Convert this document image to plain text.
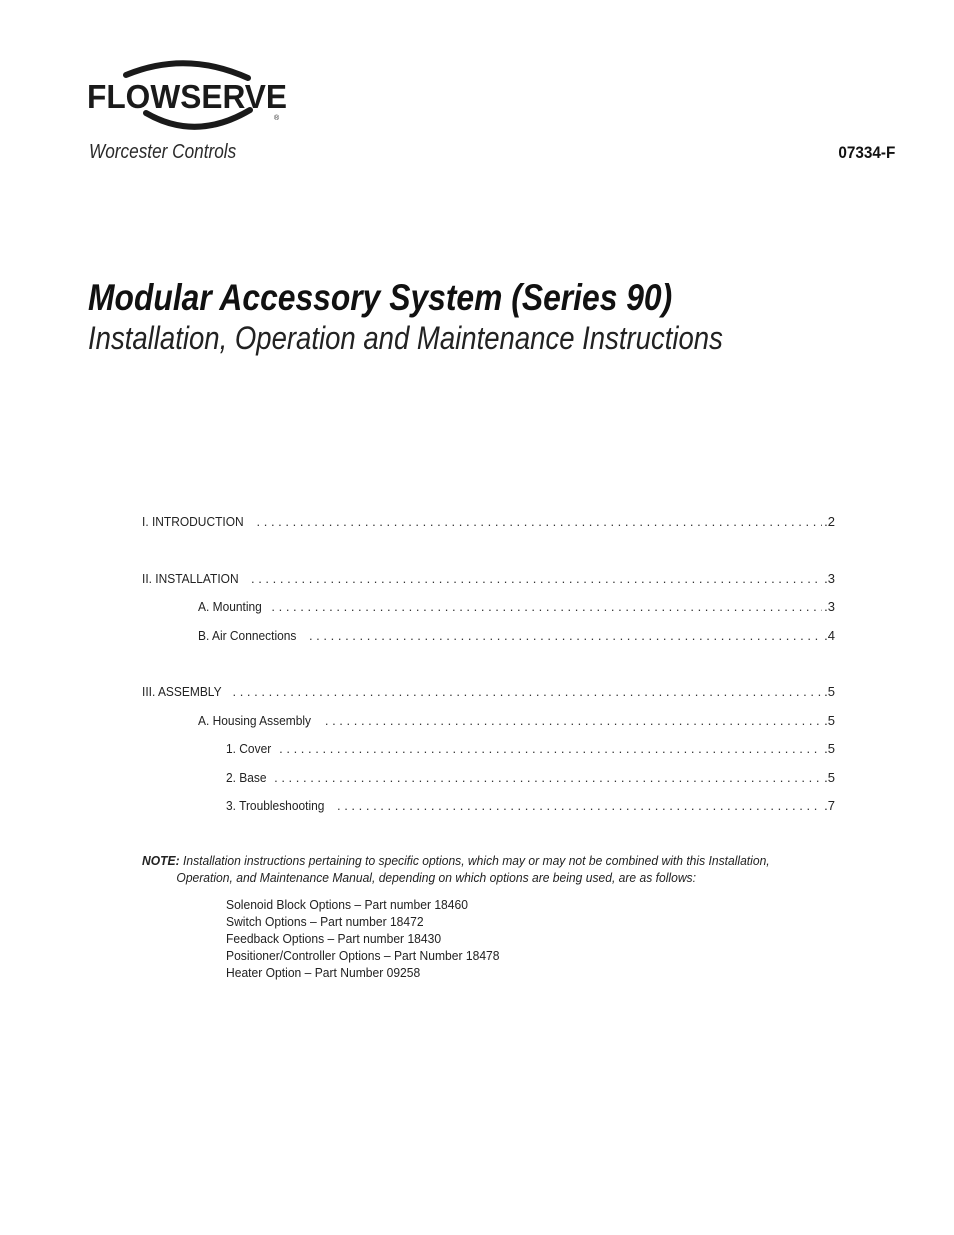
FLOWSERVE
®
Worcester Controls	07334-F
Modular Accessory System (Series 90)
Installation, Operation and Maintenance Instructions
I. INTRODUCTION . . .	.2
II. INSTALLATION . . .	.3
A. Mounting . . .	.3
B. Air Connections . . .	.4
III. ASSEMBLY . . .	.5
A. Housing Assembly . . .	.5
1. Cover . . .	.5
2. Base . . .	.5
3. Troubleshooting . . .	.7
NOTE: Installation instructions pertaining to specific options, which may or may not be combined with this Installation,
Operation, and Maintenance Manual, depending on which options are being used, are as follows:
Solenoid Block Options – Part number 18460
Switch Options – Part number 18472
Feedback Options – Part number 18430
Positioner/Controller Options – Part Number 18478
Heater Option – Part Number 09258
